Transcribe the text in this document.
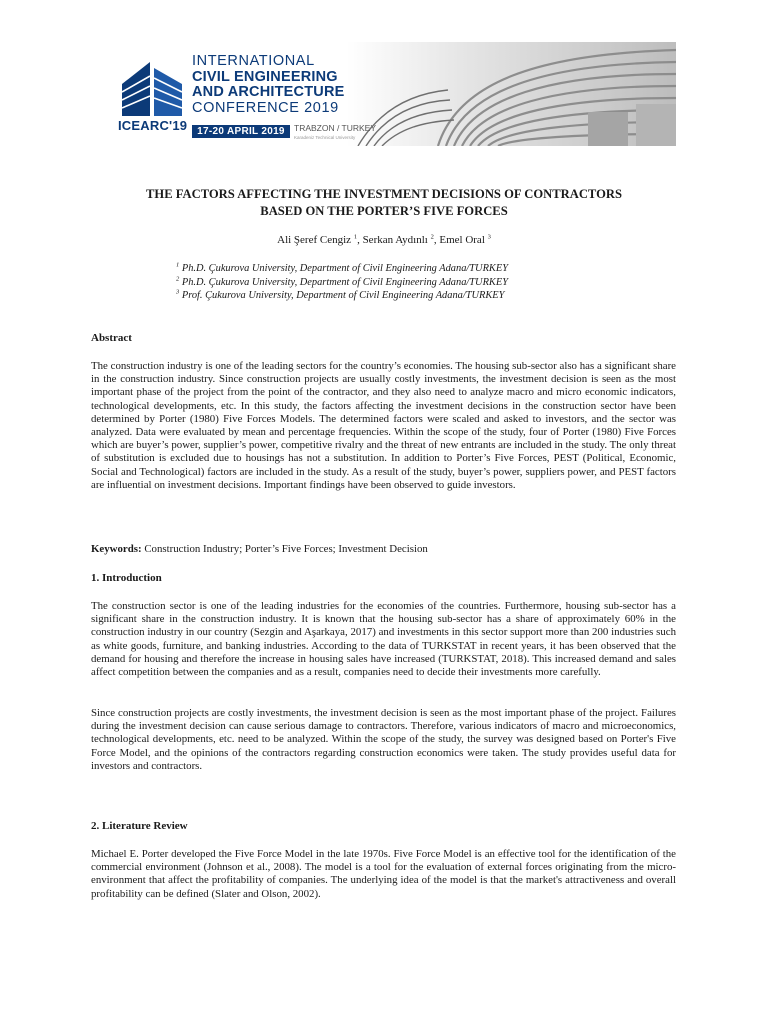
ICEARC'19
INTERNATIONAL
CIVIL ENGINEERING
AND ARCHITECTURE
CONFERENCE 2019
17-20 APRIL 2019	TRABZON / TURKEY
Karadeniz Technical University
THE FACTORS AFFECTING THE INVESTMENT DECISIONS OF CONTRACTORS
BASED ON THE PORTER’S FIVE FORCES
Ali Şeref Cengiz $^1$, Serkan Aydınlı $^2$, Emel Oral $^3$
$^1$ Ph.D. Çukurova University, Department of Civil Engineering Adana/TURKEY
$^2$ Ph.D. Çukurova University, Department of Civil Engineering Adana/TURKEY
$^3$ Prof. Çukurova University, Department of Civil Engineering Adana/TURKEY
Abstract
The construction industry is one of the leading sectors for the country’s economies. The housing sub-sector also has a significant share in the construction industry. Since construction projects are usually costly investments, the investment decision is seen as the most important phase of the project from the point of the contractor, and they also need to analyze macro and micro economic indicators, technological developments, etc. In this study, the factors affecting the investment decisions in the construction sector have been determined by Porter (1980) Five Forces Models. The determined factors were scaled and asked to investors, and the sector was analyzed. Data were evaluated by mean and percentage frequencies. Within the scope of the study, four of Porter (1980) Five Forces which are buyer’s power, supplier’s power, competitive rivalry and the threat of new entrants are included in the study. The only threat of substitution is excluded due to housings has not a substitution. In addition to Porter’s Five Forces, PEST (Political, Economic, Social and Technological) factors are included in the study. As a result of the study, buyer’s power, suppliers power, and PEST factors are influential on investment decisions. Important findings have been observed to guide investors.
Keywords: Construction Industry; Porter’s Five Forces; Investment Decision
1. Introduction
The construction sector is one of the leading industries for the economies of the countries. Furthermore, housing sub-sector has a significant share in the construction industry. It is known that the housing sub-sector has a share of approximately 60% in the construction industry in our country (Sezgin and Aşarkaya, 2017) and investments in this sector support more than 200 industries such as white goods, furniture, and banking industries. According to the data of TURKSTAT in recent years, it has been observed that the demand for housing and therefore the increase in housing sales have increased (TURKSTAT, 2018). This increased demand and sales affect competition between the companies and as a result, companies need to decide their investments more carefully.
Since construction projects are costly investments, the investment decision is seen as the most important phase of the project. Failures during the investment decision can cause serious damage to contractors. Therefore, various indicators of macro and microeconomics, technological developments, etc. need to be analyzed. Within the scope of the study, the survey was designed based on Porter's Five Force Model, and the opinions of the contractors regarding construction economics were taken. The study provides useful data for investors and contractors.
2. Literature Review
Michael E. Porter developed the Five Force Model in the late 1970s. Five Force Model is an effective tool for the identification of the commercial environment (Johnson et al., 2008). The model is a tool for the evaluation of external forces originating from the micro-environment that affect the profitability of companies. The underlying idea of the model is that the market's attractiveness and overall profitability can be defined (Slater and Olson, 2002).
